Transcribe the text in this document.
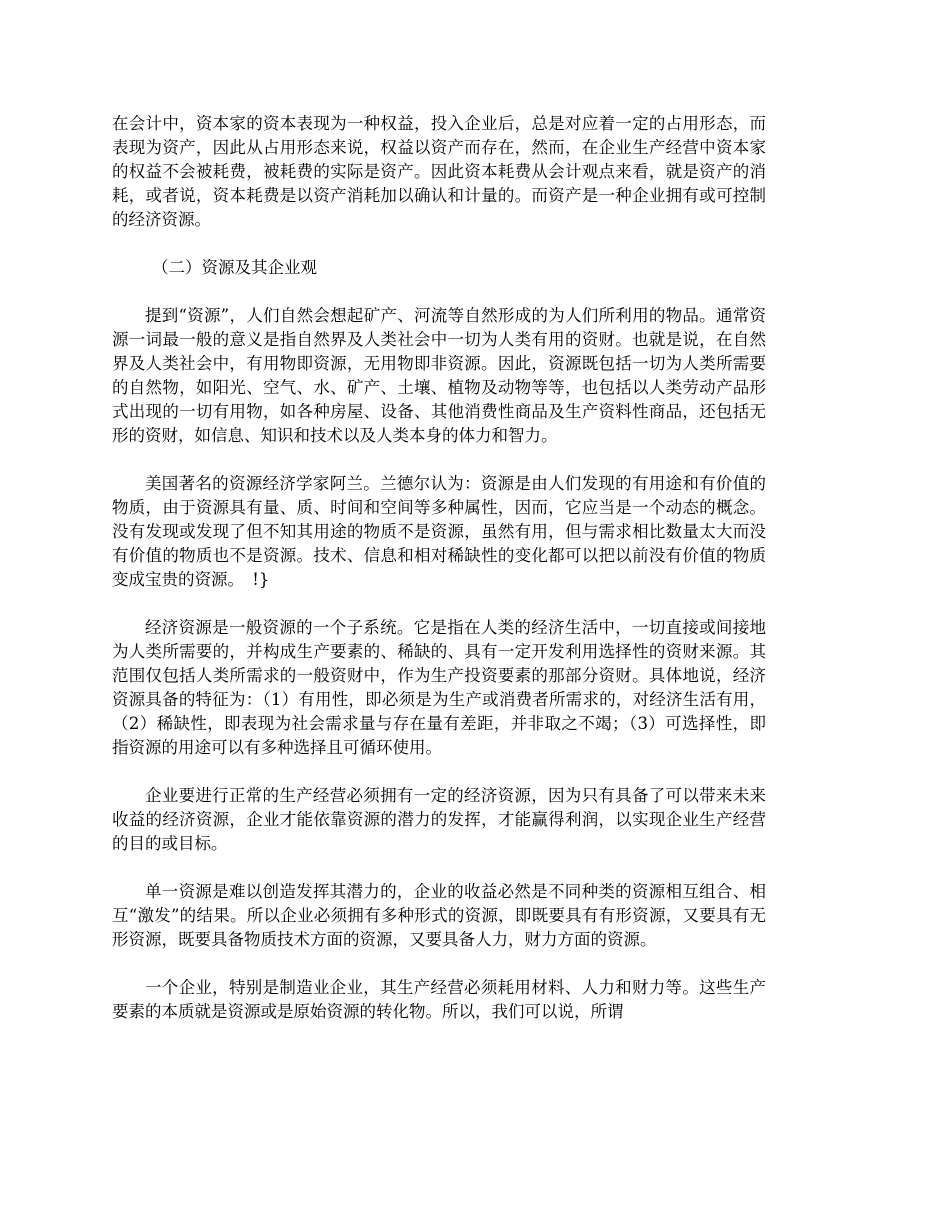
在会计中，资本家的资本表现为一种权益，投入企业后，总是对应着一定的占用形态，而表现为资产，因此从占用形态来说，权益以资产而存在，然而，在企业生产经营中资本家的权益不会被耗费，被耗费的实际是资产。因此资本耗费从会计观点来看，就是资产的消耗，或者说，资本耗费是以资产消耗加以确认和计量的。而资产是一种企业拥有或可控制的经济资源。

（二）资源及其企业观

提到“资源”，人们自然会想起矿产、河流等自然形成的为人们所利用的物品。通常资源一词最一般的意义是指自然界及人类社会中一切为人类有用的资财。也就是说，在自然界及人类社会中，有用物即资源，无用物即非资源。因此，资源既包括一切为人类所需要的自然物，如阳光、空气、水、矿产、土壤、植物及动物等等，也包括以人类劳动产品形式出现的一切有用物，如各种房屋、设备、其他消费性商品及生产资料性商品，还包括无形的资财，如信息、知识和技术以及人类本身的体力和智力。

美国著名的资源经济学家阿兰。兰德尔认为：资源是由人们发现的有用途和有价值的物质，由于资源具有量、质、时间和空间等多种属性，因而，它应当是一个动态的概念。没有发现或发现了但不知其用途的物质不是资源，虽然有用，但与需求相比数量太大而没有价值的物质也不是资源。技术、信息和相对稀缺性的变化都可以把以前没有价值的物质变成宝贵的资源。　!}

经济资源是一般资源的一个子系统。它是指在人类的经济生活中，一切直接或间接地为人类所需要的，并构成生产要素的、稀缺的、具有一定开发利用选择性的资财来源。其范围仅包括人类所需求的一般资财中，作为生产投资要素的那部分资财。具体地说，经济资源具备的特征为：（1）有用性，即必须是为生产或消费者所需求的，对经济生活有用，（2）稀缺性，即表现为社会需求量与存在量有差距，并非取之不竭；（3）可选择性，即指资源的用途可以有多种选择且可循环使用。

企业要进行正常的生产经营必须拥有一定的经济资源，因为只有具备了可以带来未来收益的经济资源，企业才能依靠资源的潜力的发挥，才能赢得利润，以实现企业生产经营的目的或目标。

单一资源是难以创造发挥其潜力的，企业的收益必然是不同种类的资源相互组合、相互“激发”的结果。所以企业必须拥有多种形式的资源，即既要具有有形资源，又要具有无形资源，既要具备物质技术方面的资源，又要具备人力，财力方面的资源。

一个企业，特别是制造业企业，其生产经营必须耗用材料、人力和财力等。这些生产要素的本质就是资源或是原始资源的转化物。所以，我们可以说，所谓
